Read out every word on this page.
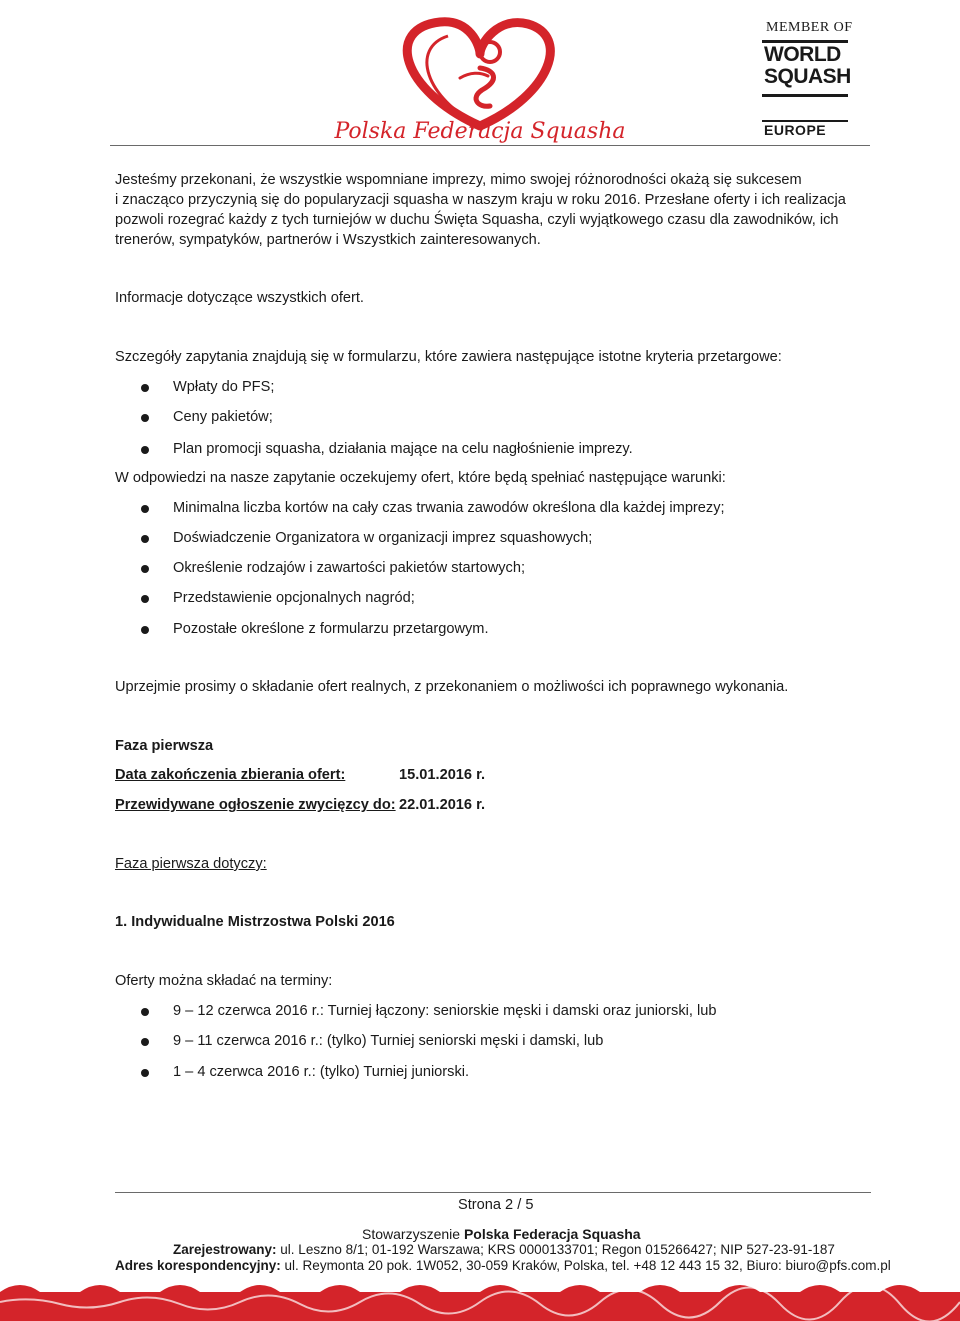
Polska Federacja Squasha
MEMBER OF
WORLD
SQUASH
EUROPE
Jesteśmy przekonani, że wszystkie wspomniane imprezy, mimo swojej różnorodności okażą się sukcesem
i znacząco przyczynią się do popularyzacji squasha w naszym kraju w roku 2016. Przesłane oferty i ich realizacja
pozwoli rozegrać każdy z tych turniejów w duchu Święta Squasha, czyli wyjątkowego czasu dla zawodników, ich
trenerów, sympatyków, partnerów i Wszystkich zainteresowanych.
Informacje dotyczące wszystkich ofert.
Szczegóły zapytania znajdują się w formularzu, które zawiera następujące istotne kryteria przetargowe:
Wpłaty do PFS;
Ceny pakietów;
Plan promocji squasha, działania mające na celu nagłośnienie imprezy.
W odpowiedzi na nasze zapytanie oczekujemy ofert, które będą spełniać następujące warunki:
Minimalna liczba kortów na cały czas trwania zawodów określona dla każdej imprezy;
Doświadczenie Organizatora w organizacji imprez squashowych;
Określenie rodzajów i zawartości pakietów startowych;
Przedstawienie opcjonalnych nagród;
Pozostałe określone z formularzu przetargowym.
Uprzejmie prosimy o składanie ofert realnych, z przekonaniem o możliwości ich poprawnego wykonania.
Faza pierwsza
Data zakończenia zbierania ofert:	15.01.2016 r.
Przewidywane ogłoszenie zwycięzcy do: 22.01.2016 r.
Faza pierwsza dotyczy:
1. Indywidualne Mistrzostwa Polski 2016
Oferty można składać na terminy:
9 – 12 czerwca 2016 r.: Turniej łączony: seniorskie męski i damski oraz juniorski, lub
9 – 11 czerwca 2016 r.: (tylko) Turniej seniorski męski i damski, lub
1 – 4 czerwca 2016 r.: (tylko) Turniej juniorski.
Strona 2 / 5
Stowarzyszenie Polska Federacja Squasha
Zarejestrowany: ul. Leszno 8/1; 01-192 Warszawa; KRS 0000133701; Regon 015266427; NIP 527-23-91-187
Adres korespondencyjny: ul. Reymonta 20 pok. 1W052, 30-059 Kraków, Polska, tel. +48 12 443 15 32, Biuro: biuro@pfs.com.pl
